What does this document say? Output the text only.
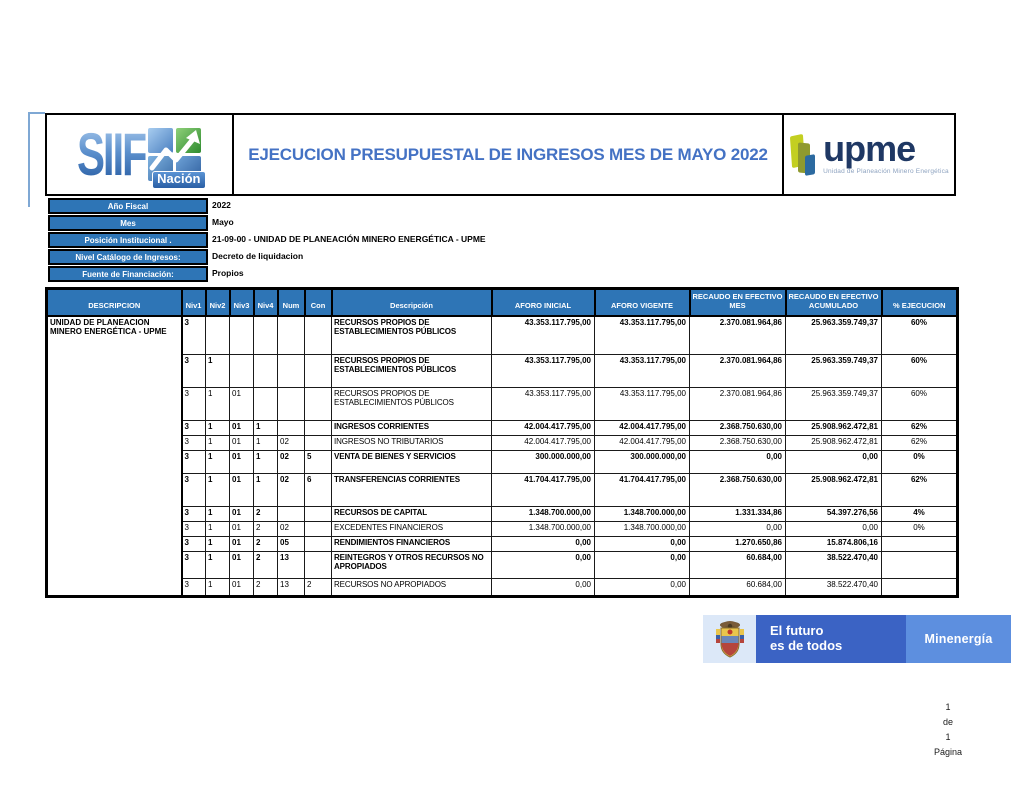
SIIF Nación
EJECUCION PRESUPUESTAL DE INGRESOS MES DE MAYO 2022 upme
Unidad de Planeación Minero Energética
Año Fiscal	2022
Mes	Mayo
Posición Institucional .	21-09-00 - UNIDAD DE PLANEACIÓN MINERO ENERGÉTICA - UPME
Nivel Catálogo de Ingresos:	Decreto de liquidacion
Fuente de Financiación:	Propios
DESCRIPCION	Niv1	Niv2	Niv3	Niv4	Num	Con	Descripción	AFORO INICIAL	AFORO VIGENTE	RECAUDO EN EFECTIVO MES	RECAUDO EN EFECTIVO ACUMULADO	% EJECUCION
UNIDAD DE PLANEACION MINERO ENERGÉTICA - UPME	3						RECURSOS PROPIOS DE ESTABLECIMIENTOS PÚBLICOS	43.353.117.795,00	43.353.117.795,00	2.370.081.964,86	25.963.359.749,37	60%
	3	1					RECURSOS PROPIOS DE ESTABLECIMIENTOS PÚBLICOS	43.353.117.795,00	43.353.117.795,00	2.370.081.964,86	25.963.359.749,37	60%
	3	1	01				RECURSOS PROPIOS DE ESTABLECIMIENTOS PÚBLICOS	43.353.117.795,00	43.353.117.795,00	2.370.081.964,86	25.963.359.749,37	60%
	3	1	01	1			INGRESOS CORRIENTES	42.004.417.795,00	42.004.417.795,00	2.368.750.630,00	25.908.962.472,81	62%
	3	1	01	1	02		INGRESOS NO TRIBUTARIOS	42.004.417.795,00	42.004.417.795,00	2.368.750.630,00	25.908.962.472,81	62%
	3	1	01	1	02	5	VENTA DE BIENES Y SERVICIOS	300.000.000,00	300.000.000,00	0,00	0,00	0%
	3	1	01	1	02	6	TRANSFERENCIAS CORRIENTES	41.704.417.795,00	41.704.417.795,00	2.368.750.630,00	25.908.962.472,81	62%
	3	1	01	2			RECURSOS DE CAPITAL	1.348.700.000,00	1.348.700.000,00	1.331.334,86	54.397.276,56	4%
	3	1	01	2	02		EXCEDENTES FINANCIEROS	1.348.700.000,00	1.348.700.000,00	0,00	0,00	0%
	3	1	01	2	05		RENDIMIENTOS FINANCIEROS	0,00	0,00	1.270.650,86	15.874.806,16	
	3	1	01	2	13		REINTEGROS Y OTROS RECURSOS NO APROPIADOS	0,00	0,00	60.684,00	38.522.470,40	
	3	1	01	2	13	2	RECURSOS NO APROPIADOS	0,00	0,00	60.684,00	38.522.470,40	
El futuro
es de todos	Minenergía
1
de
1
Página
